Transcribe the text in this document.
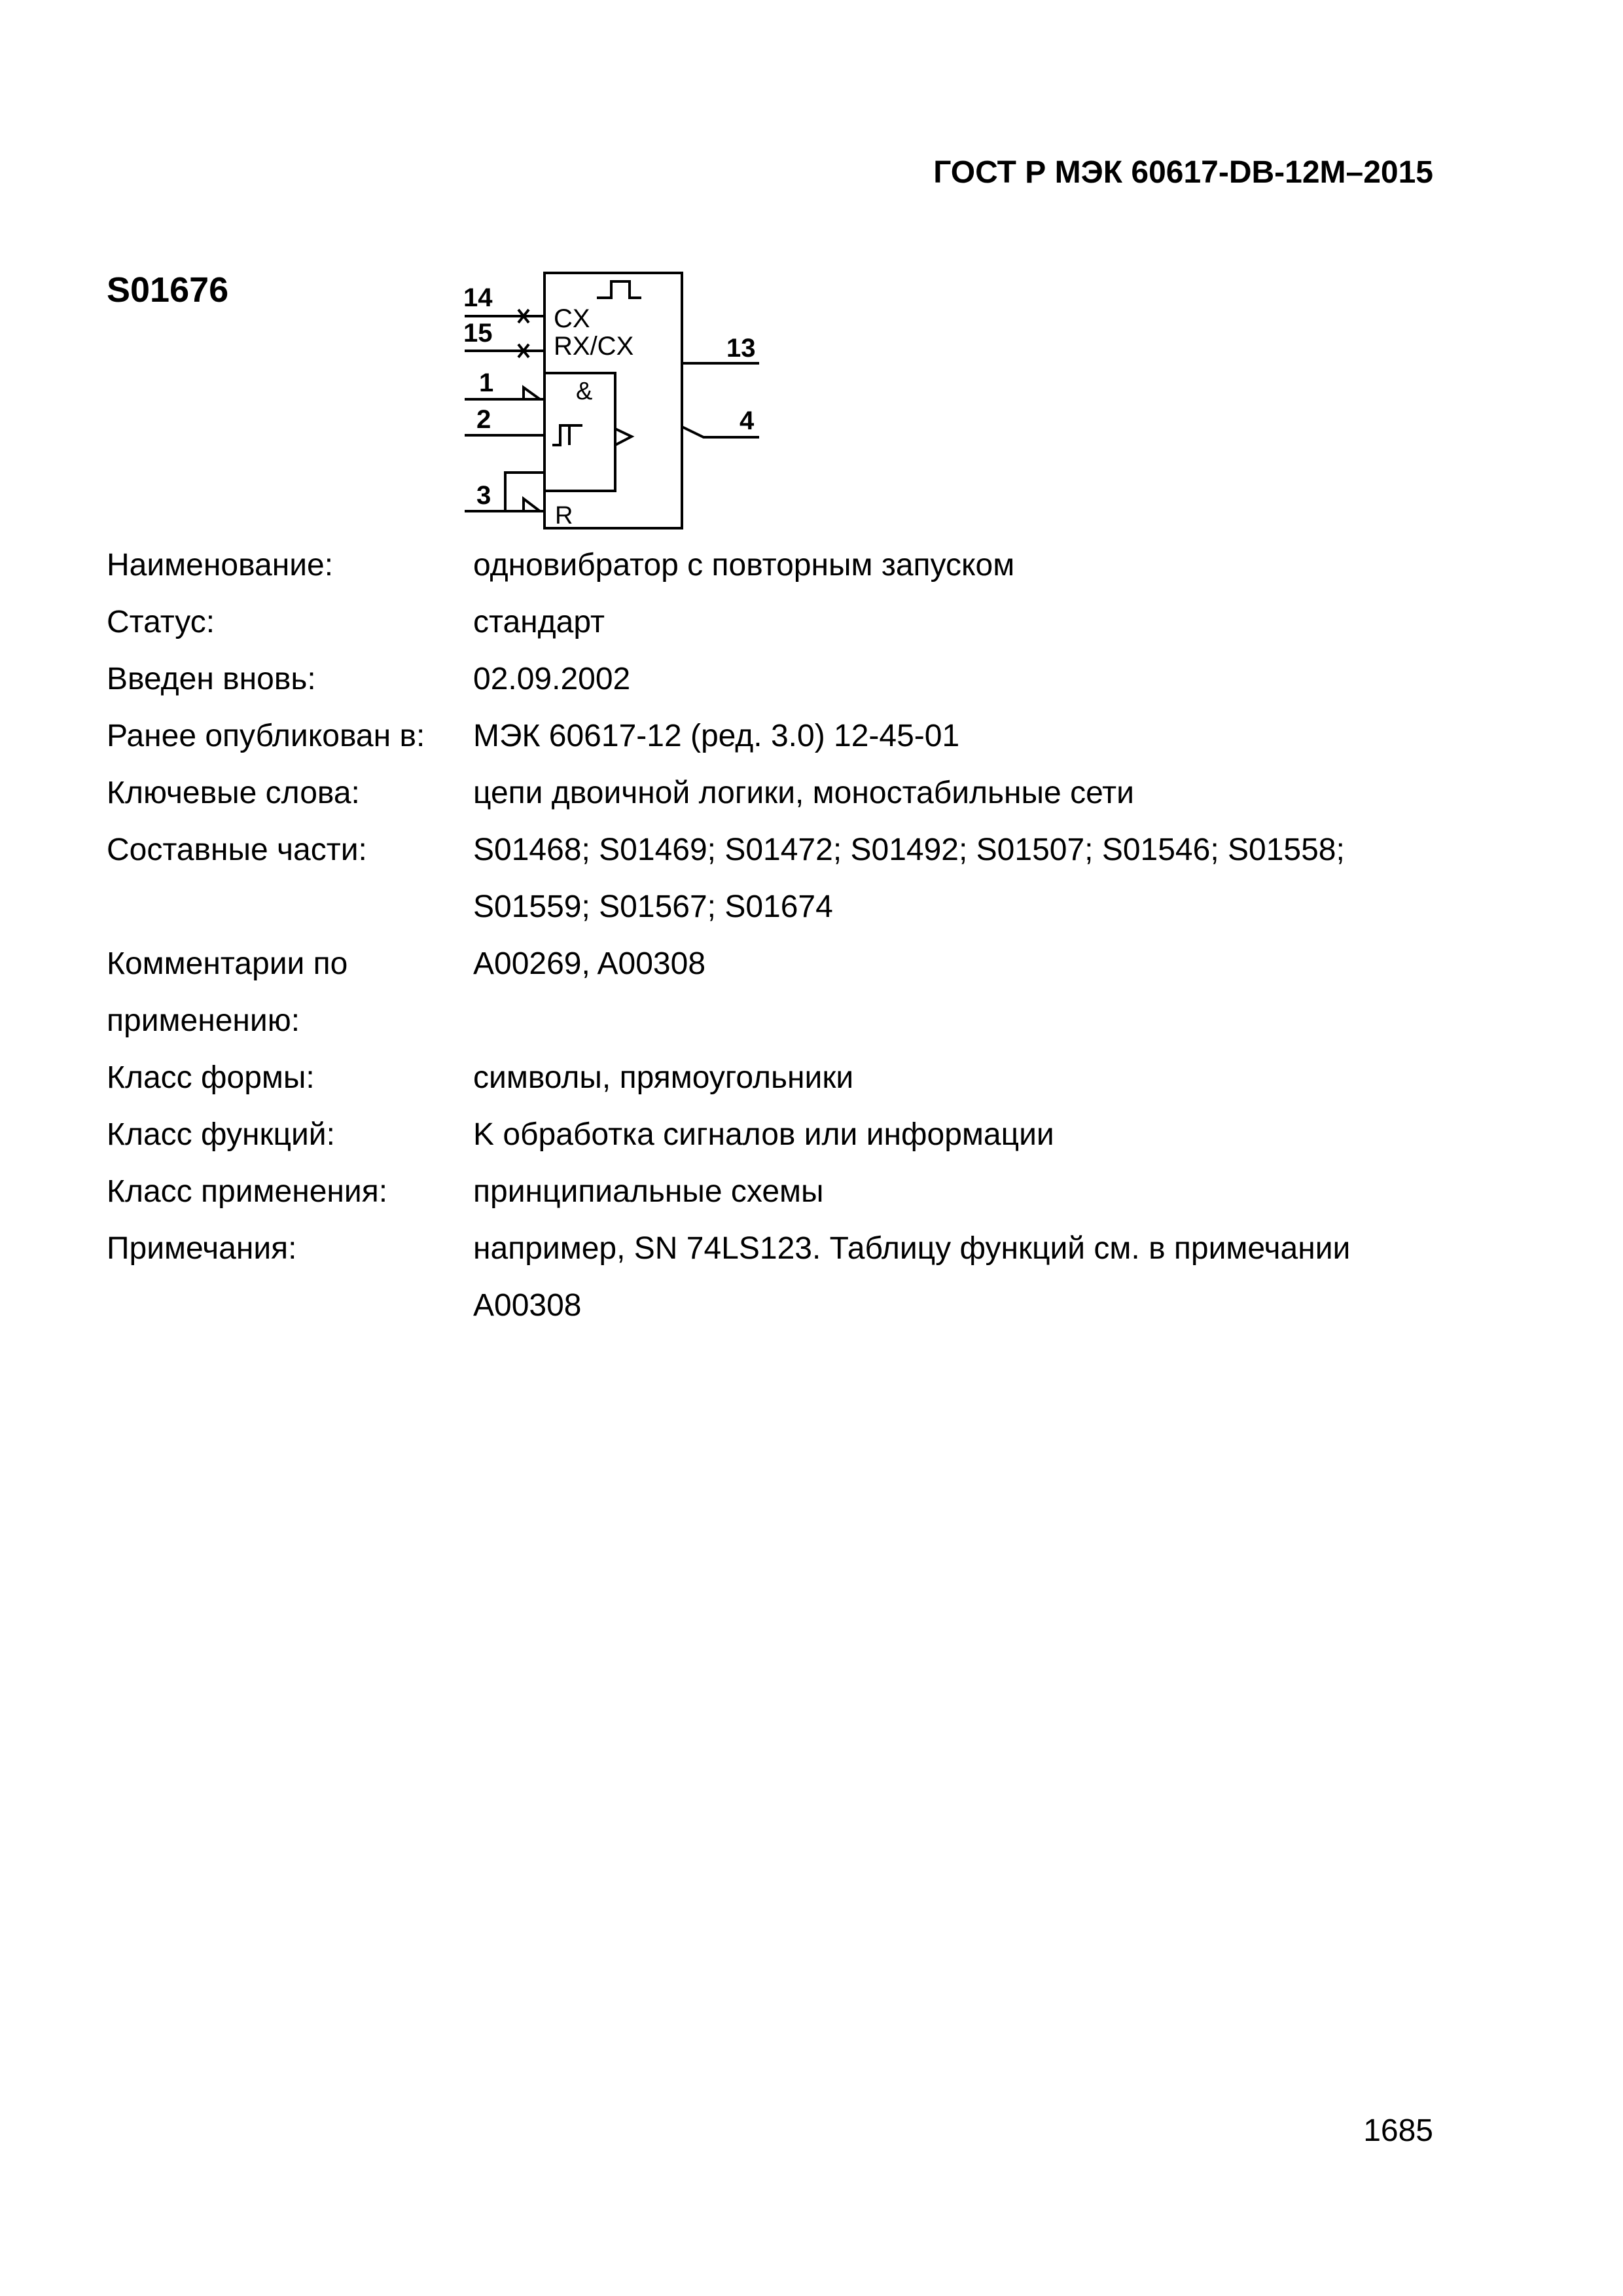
ГОСТ Р МЭК 60617-DB-12M–2015
S01676	14
15
1
2
3
13
4
CX
RX/CX
&
R
Наименование:	одновибратор с повторным запуском
Статус:	стандарт
Введен вновь:	02.09.2002
Ранее опубликован в:	МЭК 60617-12 (ред. 3.0) 12-45-01
Ключевые слова:	цепи двоичной логики, моностабильные сети
Составные части:	S01468; S01469; S01472; S01492; S01507; S01546; S01558;
S01559; S01567; S01674
Комментарии по
применению:
A00269, A00308
Класс формы:	символы, прямоугольники
Класс функций:	K обработка сигналов или информации
Класс применения:	принципиальные схемы
Примечания:	например, SN 74LS123. Таблицу функций см. в примечании
A00308
1685
